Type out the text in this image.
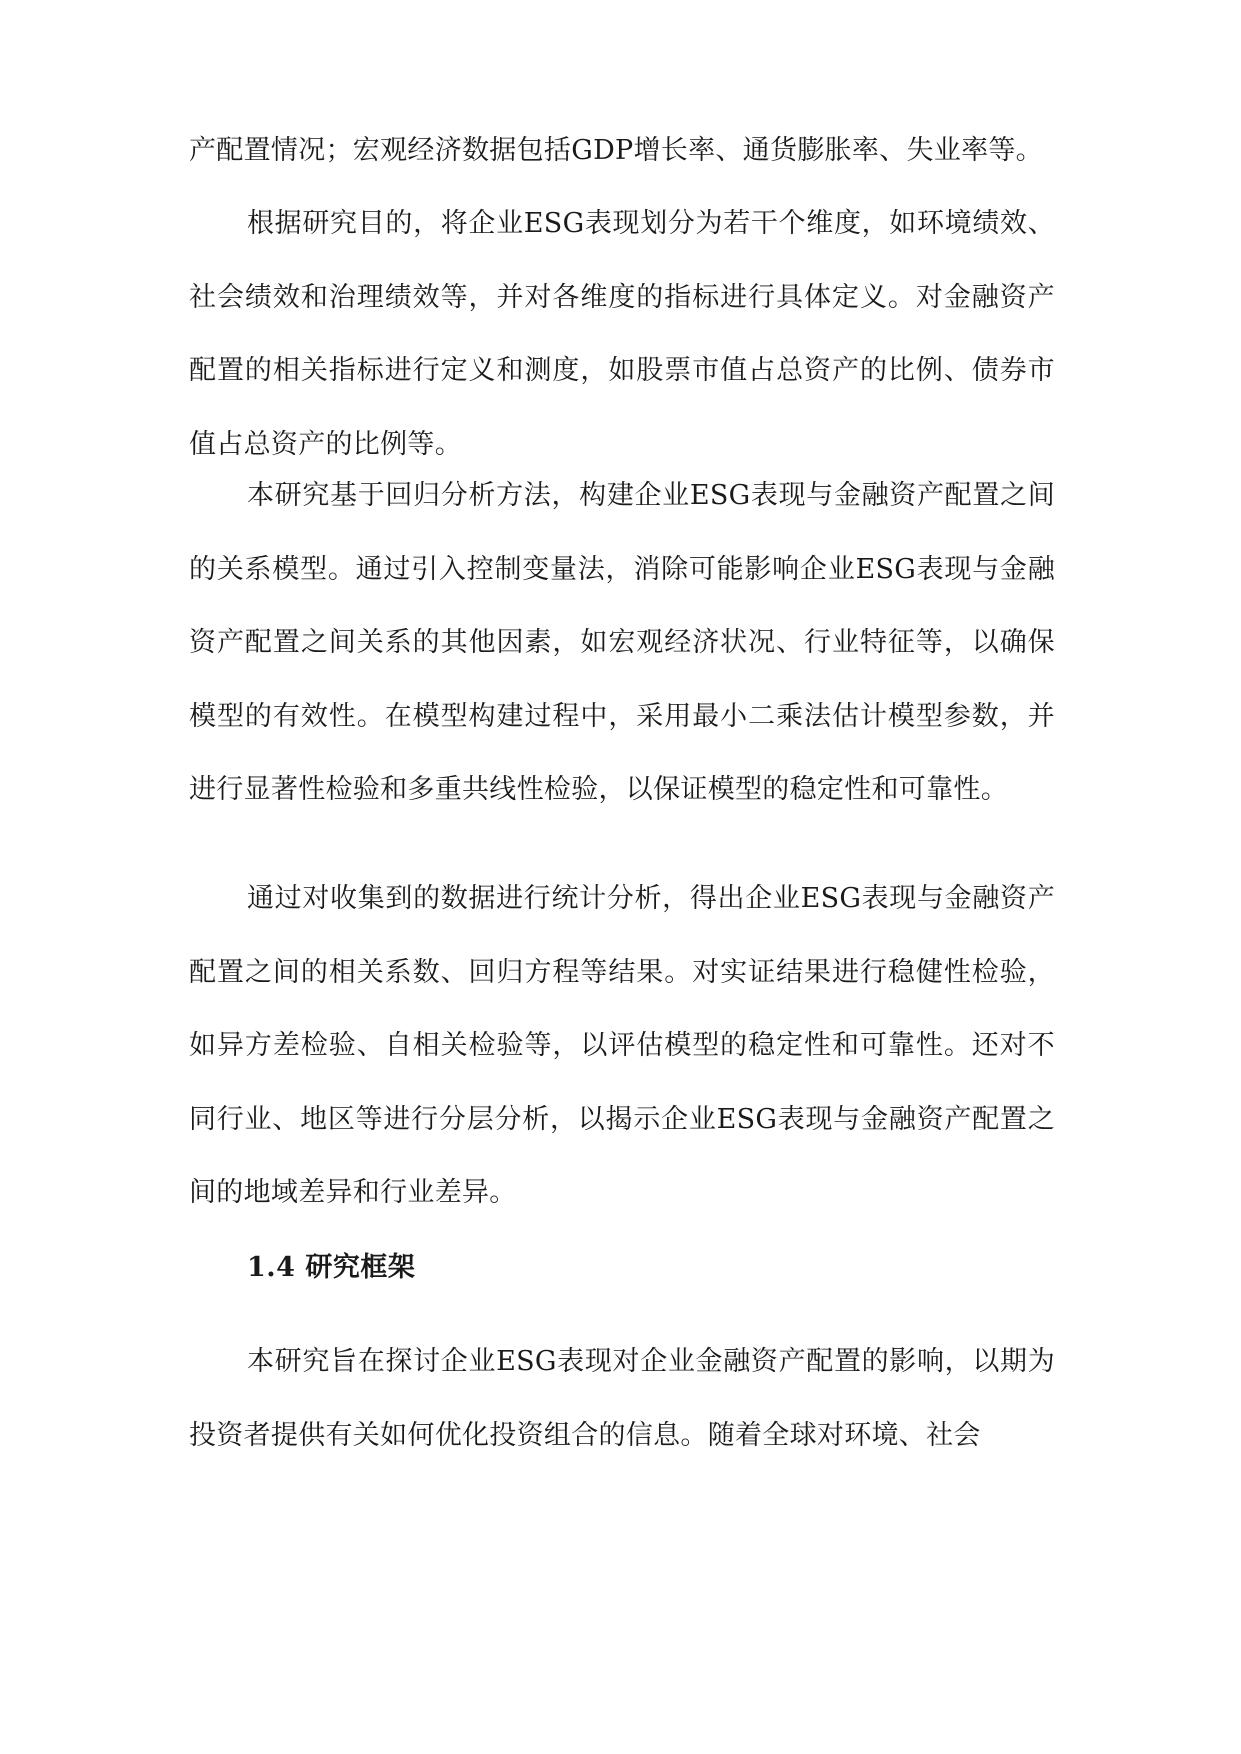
产配置情况；宏观经济数据包括GDP增长率、通货膨胀率、失业率等。

根据研究目的，将企业ESG表现划分为若干个维度，如环境绩效、社会绩效和治理绩效等，并对各维度的指标进行具体定义。对金融资产配置的相关指标进行定义和测度，如股票市值占总资产的比例、债券市值占总资产的比例等。

本研究基于回归分析方法，构建企业ESG表现与金融资产配置之间的关系模型。通过引入控制变量法，消除可能影响企业ESG表现与金融资产配置之间关系的其他因素，如宏观经济状况、行业特征等，以确保模型的有效性。在模型构建过程中，采用最小二乘法估计模型参数，并进行显著性检验和多重共线性检验，以保证模型的稳定性和可靠性。

通过对收集到的数据进行统计分析，得出企业ESG表现与金融资产配置之间的相关系数、回归方程等结果。对实证结果进行稳健性检验，如异方差检验、自相关检验等，以评估模型的稳定性和可靠性。还对不同行业、地区等进行分层分析，以揭示企业ESG表现与金融资产配置之间的地域差异和行业差异。

1.4 研究框架

本研究旨在探讨企业ESG表现对企业金融资产配置的影响，以期为投资者提供有关如何优化投资组合的信息。随着全球对环境、社会
